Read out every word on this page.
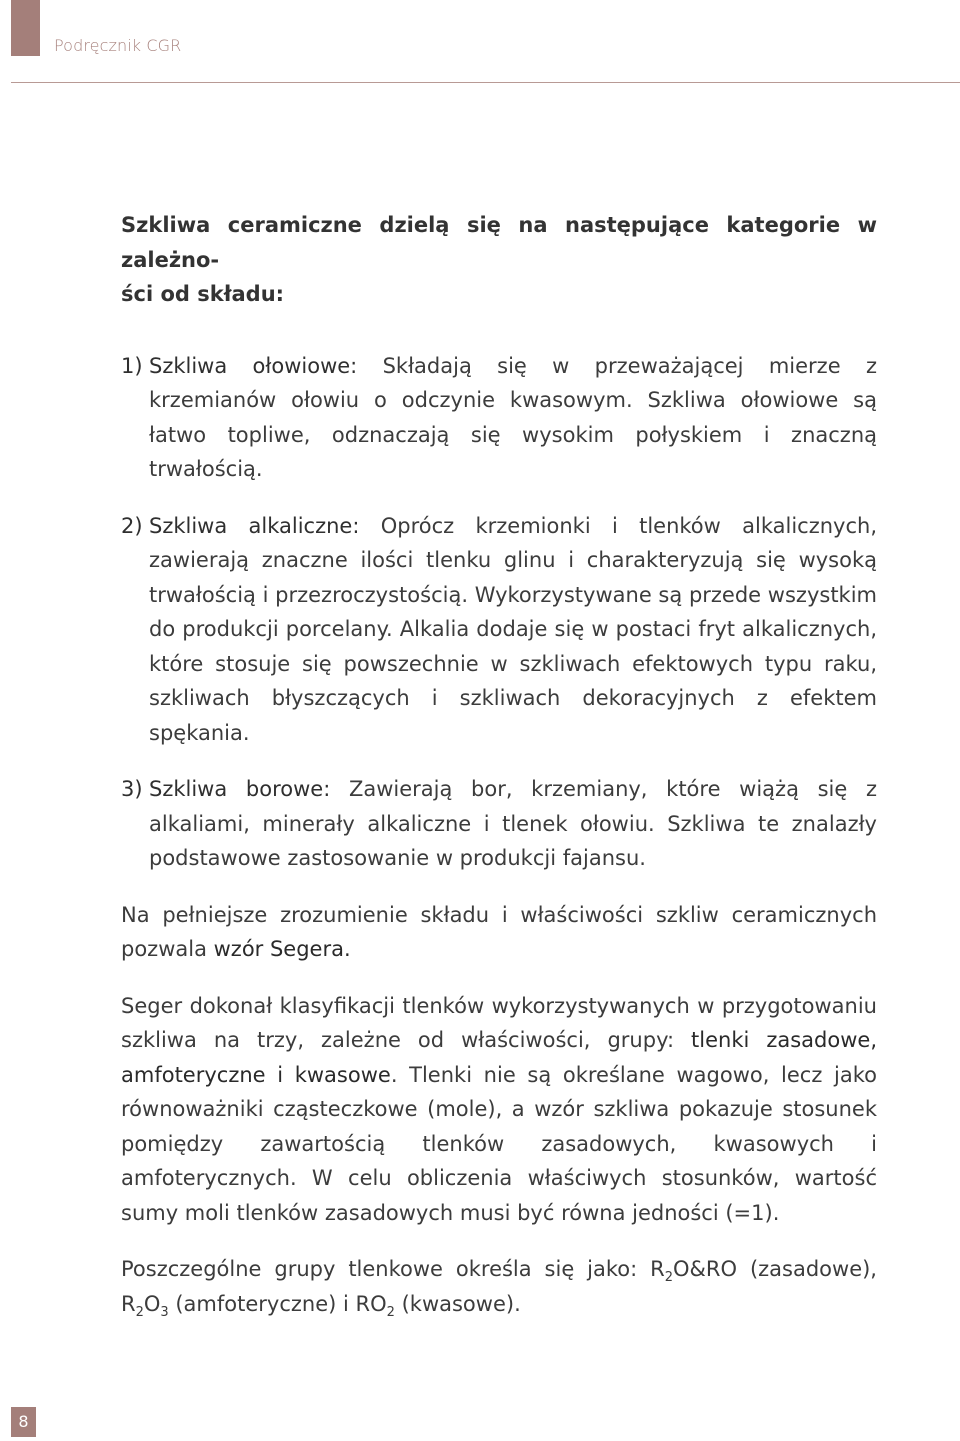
Podręcznik CGR
Szkliwa ceramiczne dzielą się na następujące kategorie w zależno-
ści od składu:

1) Szkliwa ołowiowe: Składają się w przeważającej mierze z krzemianów ołowiu o odczynie kwasowym. Szkliwa ołowiowe są łatwo topliwe, odznaczają się wysokim połyskiem i znaczną trwałością.

2) Szkliwa alkaliczne: Oprócz krzemionki i tlenków alkalicznych, zawierają znaczne ilości tlenku glinu i charakteryzują się wysoką trwałością i przezroczystością. Wykorzystywane są przede wszystkim do produkcji porcelany. Alkalia dodaje się w postaci fryt alkalicznych, które stosuje się powszechnie w szkliwach efektowych typu raku, szkliwach błyszczących i szkliwach dekoracyjnych z efektem spękania.

3) Szkliwa borowe: Zawierają bor, krzemiany, które wiążą się z alkaliami, minerały alkaliczne i tlenek ołowiu. Szkliwa te znalazły podstawowe zastosowanie w produkcji fajansu.

Na pełniejsze zrozumienie składu i właściwości szkliw ceramicznych pozwala wzór Segera.

Seger dokonał klasyfikacji tlenków wykorzystywanych w przygotowaniu szkliwa na trzy, zależne od właściwości, grupy: tlenki zasadowe, amfoteryczne i kwasowe. Tlenki nie są określane wagowo, lecz jako równoważniki cząsteczkowe (mole), a wzór szkliwa pokazuje stosunek pomiędzy zawartością tlenków zasadowych, kwasowych i amfoterycznych. W celu obliczenia właściwych stosunków, wartość sumy moli tlenków zasadowych musi być równa jedności (=1).

Poszczególne grupy tlenkowe określa się jako: $R_2O\&RO$ (zasadowe), $R_2O_3$ (amfoteryczne) i $RO_2$ (kwasowe).

8
